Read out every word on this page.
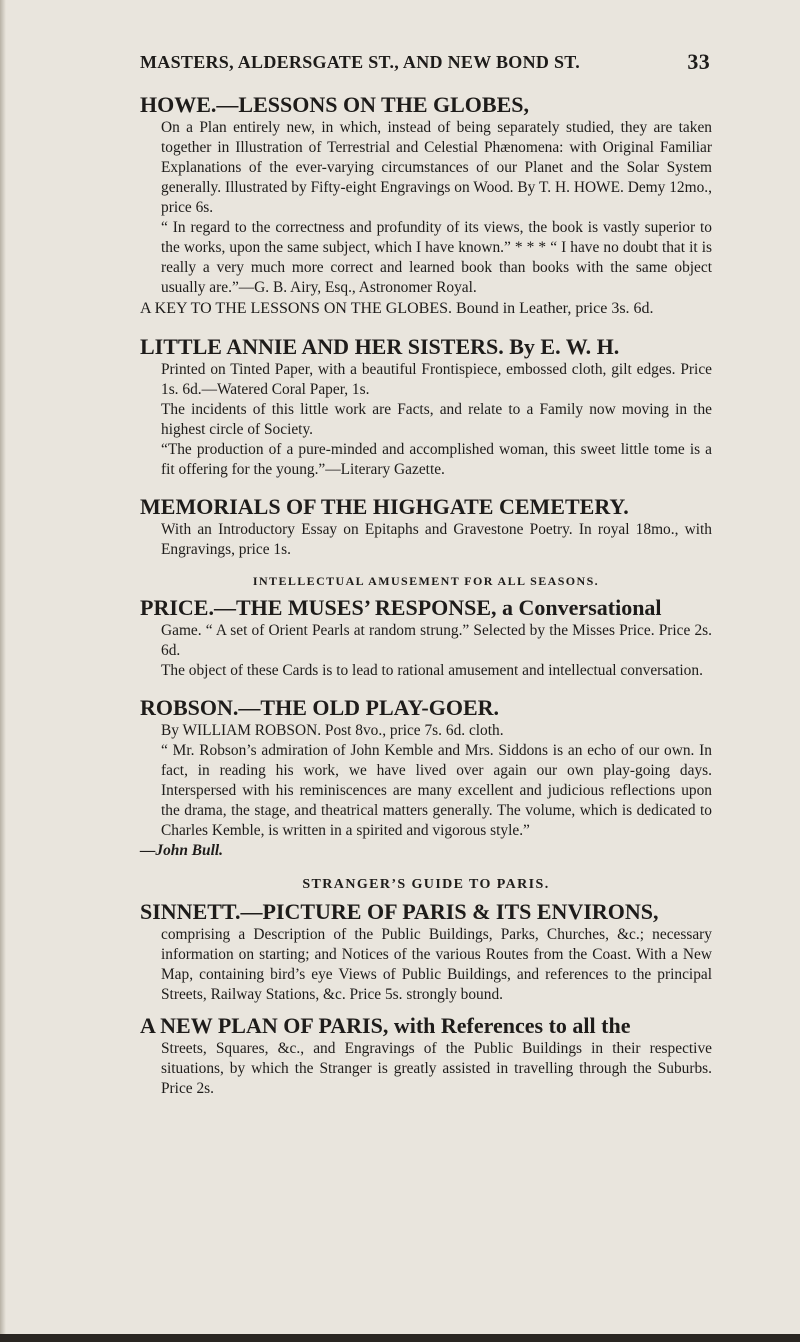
MASTERS, ALDERSGATE ST., AND NEW BOND ST.	33

HOWE.—LESSONS ON THE GLOBES,

On a Plan entirely new, in which, instead of being separately studied, they are taken together in Illustration of Terrestrial and Celestial Phænomena: with Original Familiar Explanations of the ever-varying circumstances of our Planet and the Solar System generally. Illustrated by Fifty-eight Engravings on Wood. By T. H. HOWE. Demy 12mo., price 6s.

“ In regard to the correctness and profundity of its views, the book is vastly superior to the works, upon the same subject, which I have known.” * * * “ I have no doubt that it is really a very much more correct and learned book than books with the same object usually are.”—G. B. Airy, Esq., Astronomer Royal.

A KEY TO THE LESSONS ON THE GLOBES. Bound in Leather, price 3s. 6d.

LITTLE ANNIE AND HER SISTERS. By E. W. H.

Printed on Tinted Paper, with a beautiful Frontispiece, embossed cloth, gilt edges. Price 1s. 6d.—Watered Coral Paper, 1s.

The incidents of this little work are Facts, and relate to a Family now moving in the highest circle of Society.

“The production of a pure-minded and accomplished woman, this sweet little tome is a fit offering for the young.”—Literary Gazette.

MEMORIALS OF THE HIGHGATE CEMETERY.

With an Introductory Essay on Epitaphs and Gravestone Poetry. In royal 18mo., with Engravings, price 1s.

INTELLECTUAL AMUSEMENT FOR ALL SEASONS.

PRICE.—THE MUSES’ RESPONSE, a Conversational

Game. “ A set of Orient Pearls at random strung.” Selected by the Misses Price. Price 2s. 6d.

The object of these Cards is to lead to rational amusement and intellectual conversation.

ROBSON.—THE OLD PLAY-GOER.

By WILLIAM ROBSON. Post 8vo., price 7s. 6d. cloth.

“ Mr. Robson’s admiration of John Kemble and Mrs. Siddons is an echo of our own. In fact, in reading his work, we have lived over again our own play-going days. Interspersed with his reminiscences are many excellent and judicious reflections upon the drama, the stage, and theatrical matters generally. The volume, which is dedicated to Charles Kemble, is written in a spirited and vigorous style.”

—John Bull.

STRANGER’S GUIDE TO PARIS.

SINNETT.—PICTURE OF PARIS & ITS ENVIRONS,

comprising a Description of the Public Buildings, Parks, Churches, &c.; necessary information on starting; and Notices of the various Routes from the Coast. With a New Map, containing bird’s eye Views of Public Buildings, and references to the principal Streets, Railway Stations, &c. Price 5s. strongly bound.

A NEW PLAN OF PARIS, with References to all the

Streets, Squares, &c., and Engravings of the Public Buildings in their respective situations, by which the Stranger is greatly assisted in travelling through the Suburbs. Price 2s.
